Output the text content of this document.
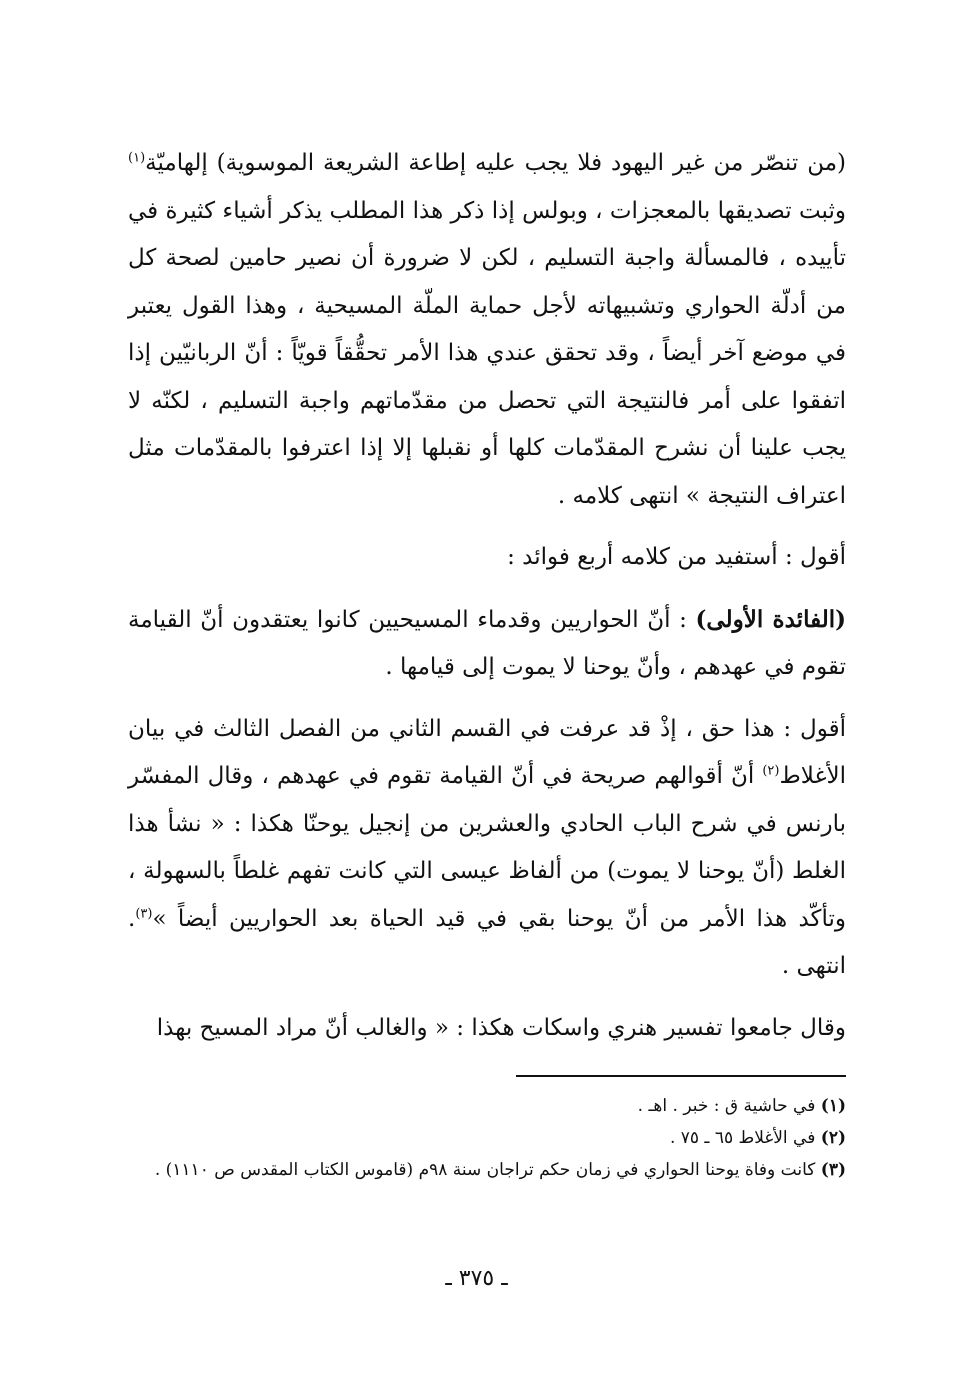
(من تنصّر من غير اليهود فلا يجب عليه إطاعة الشريعة الموسوية) إلهاميّة$^{(١)}$ وثبت تصديقها بالمعجزات ، وبولس إذا ذكر هذا المطلب يذكر أشياء كثيرة في تأييده ، فالمسألة واجبة التسليم ، لكن لا ضرورة أن نصير حامين لصحة كل من أدلّة الحواري وتشبيهاته لأجل حماية الملّة المسيحية ، وهذا القول يعتبر في موضع آخر أيضاً ، وقد تحقق عندي هذا الأمر تحقُّقاً قويّاً : أنّ الربانيّين إذا اتفقوا على أمر فالنتيجة التي تحصل من مقدّماتهم واجبة التسليم ، لكنّه لا يجب علينا أن نشرح المقدّمات كلها أو نقبلها إلا إذا اعترفوا بالمقدّمات مثل اعتراف النتيجة » انتهى كلامه .

أقول : أستفيد من كلامه أربع فوائد :

(الفائدة الأولى) : أنّ الحواريين وقدماء المسيحيين كانوا يعتقدون أنّ القيامة تقوم في عهدهم ، وأنّ يوحنا لا يموت إلى قيامها .

أقول : هذا حق ، إذْ قد عرفت في القسم الثاني من الفصل الثالث في بيان الأغلاط$^{(٢)}$ أنّ أقوالهم صريحة في أنّ القيامة تقوم في عهدهم ، وقال المفسّر بارنس في شرح الباب الحادي والعشرين من إنجيل يوحنّا هكذا : « نشأ هذا الغلط (أنّ يوحنا لا يموت) من ألفاظ عيسى التي كانت تفهم غلطاً بالسهولة ، وتأكّد هذا الأمر من أنّ يوحنا بقي في قيد الحياة بعد الحواريين أيضاً »$^{(٣)}$. انتهى .

وقال جامعوا تفسير هنري واسكات هكذا : « والغالب أنّ مراد المسيح بهذا

(١) في حاشية ق : خبر . اهـ .

(٢) في الأغلاط ٦٥ ـ ٧٥ .

(٣) كانت وفاة يوحنا الحواري في زمان حكم تراجان سنة ٩٨م (قاموس الكتاب المقدس ص ١١١٠) .

ـ ٣٧٥ ـ
